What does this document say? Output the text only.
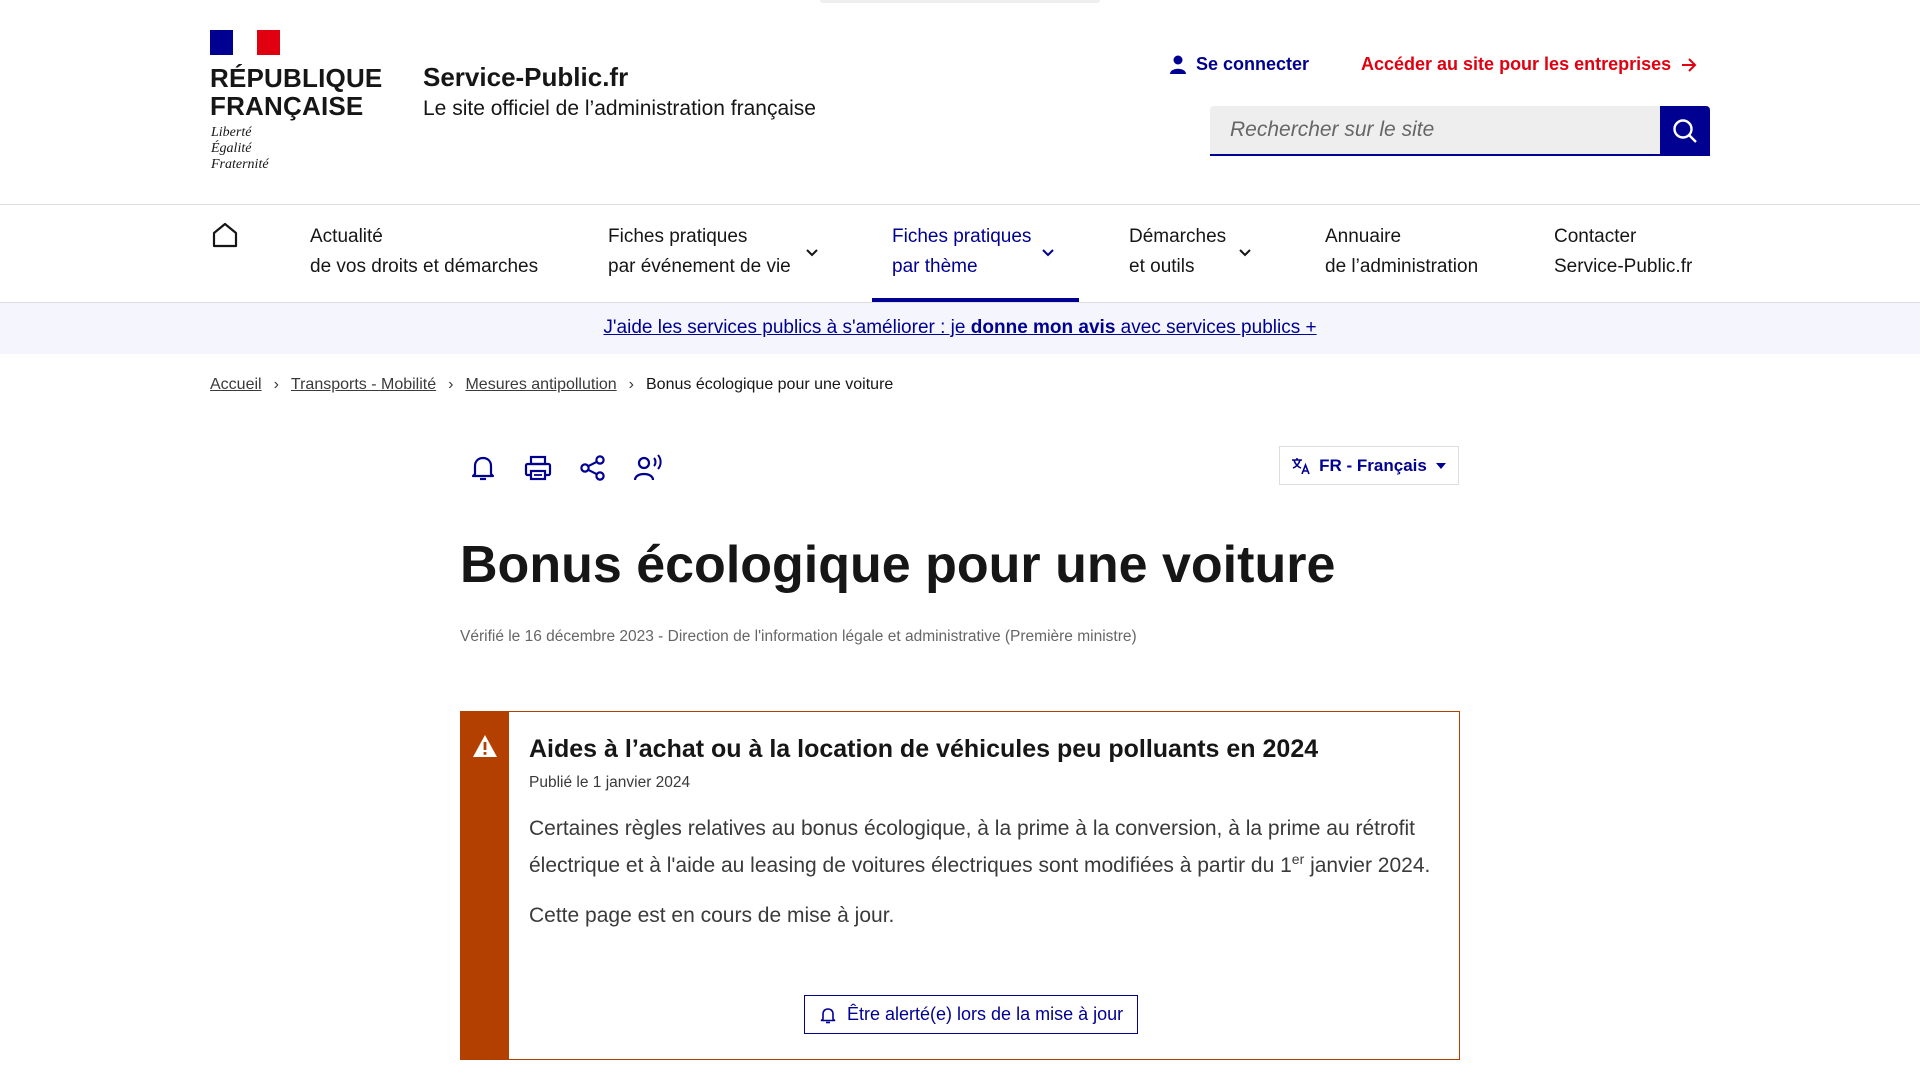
RÉPUBLIQUE
FRANÇAISE
Liberté
Égalité
Fraternité
Service-Public.fr
Le site officiel de l’administration française
Se connecter	Accéder au site pour les entreprises
Rechercher sur le site
Actualité
de vos droits et démarches
Fiches pratiques
par événement de vie
Fiches pratiques
par thème
Démarches
et outils
Annuaire
de l’administration
Contacter
Service-Public.fr
J'aide les services publics à s'améliorer : je donne mon avis avec services publics +
Accueil › Transports - Mobilité › Mesures antipollution › Bonus écologique pour une voiture
FR - Français
Bonus écologique pour une voiture
Vérifié le 16 décembre 2023 - Direction de l'information légale et administrative (Première ministre)
Aides à l’achat ou à la location de véhicules peu polluants en 2024
Publié le 1 janvier 2024
Certaines règles relatives au bonus écologique, à la prime à la conversion, à la prime au rétrofit électrique et à l'aide au leasing de voitures électriques sont modifiées à partir du 1er janvier 2024.
Cette page est en cours de mise à jour.
Être alerté(e) lors de la mise à jour
